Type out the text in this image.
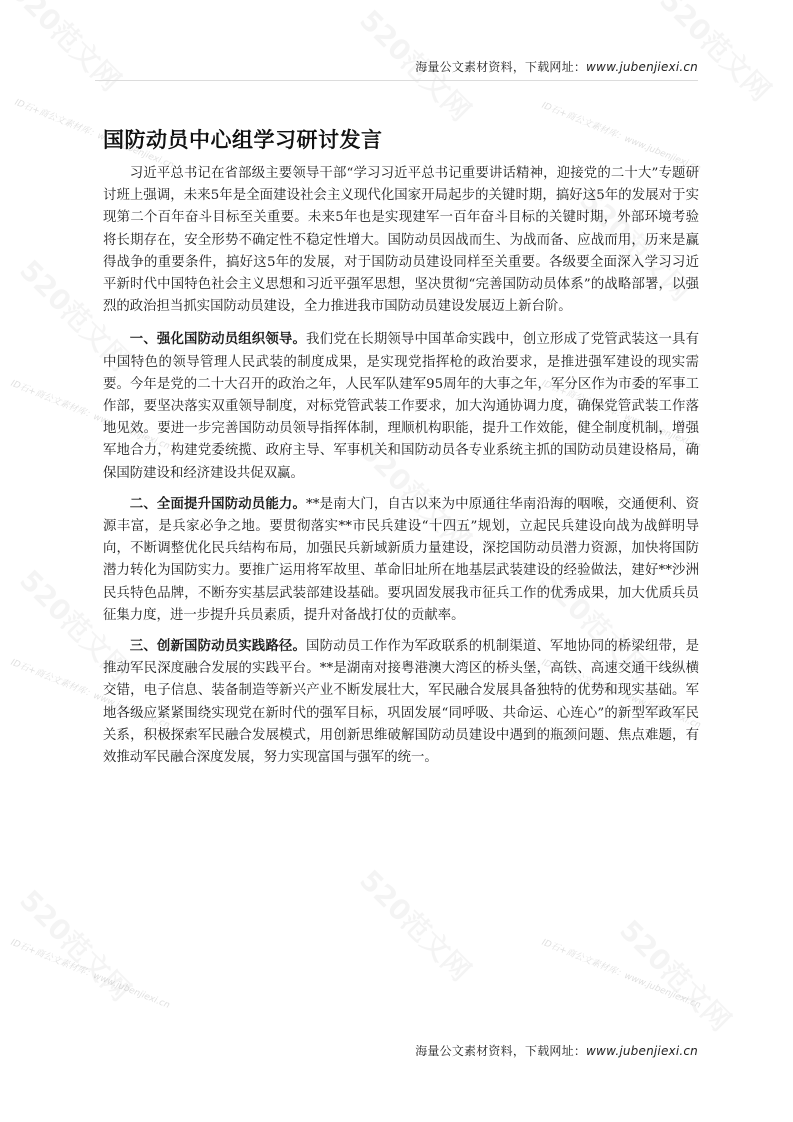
ID石+商公文素材库：www.jubenjiexi.cn	ID石+商公文素材库：www.jubenjiexi.cn
ID石+商公文素材库：www.jubenjiexi.cn	ID石+商公文素材库：www.jubenjiexi.cn
ID石+商公文素材库：www.jubenjiexi.cn	ID石+商公文素材库：www.jubenjiexi.cn
ID石+商公文素材库：www.jubenjiexi.cn	ID石+商公文素材库：www.jubenjiexi.cn
海量公文素材资料，下载网址：www.jubenjiexi.cn
国防动员中心组学习研讨发言

习近平总书记在省部级主要领导干部“学习习近平总书记重要讲话精神，迎接党的二十大”专题研讨班上强调，未来5年是全面建设社会主义现代化国家开局起步的关键时期，搞好这5年的发展对于实现第二个百年奋斗目标至关重要。未来5年也是实现建军一百年奋斗目标的关键时期，外部环境考验将长期存在，安全形势不确定性不稳定性增大。国防动员因战而生、为战而备、应战而用，历来是赢得战争的重要条件，搞好这5年的发展，对于国防动员建设同样至关重要。各级要全面深入学习习近平新时代中国特色社会主义思想和习近平强军思想，坚决贯彻“完善国防动员体系”的战略部署，以强烈的政治担当抓实国防动员建设，全力推进我市国防动员建设发展迈上新台阶。

一、强化国防动员组织领导。我们党在长期领导中国革命实践中，创立形成了党管武装这一具有中国特色的领导管理人民武装的制度成果，是实现党指挥枪的政治要求，是推进强军建设的现实需要。今年是党的二十大召开的政治之年，人民军队建军95周年的大事之年，军分区作为市委的军事工作部，要坚决落实双重领导制度，对标党管武装工作要求，加大沟通协调力度，确保党管武装工作落地见效。要进一步完善国防动员领导指挥体制，理顺机构职能，提升工作效能，健全制度机制，增强军地合力，构建党委统揽、政府主导、军事机关和国防动员各专业系统主抓的国防动员建设格局，确保国防建设和经济建设共促双赢。

二、全面提升国防动员能力。**是南大门，自古以来为中原通往华南沿海的咽喉，交通便利、资源丰富，是兵家必争之地。要贯彻落实**市民兵建设“十四五”规划，立起民兵建设向战为战鲜明导向，不断调整优化民兵结构布局，加强民兵新域新质力量建设，深挖国防动员潜力资源，加快将国防潜力转化为国防实力。要推广运用将军故里、革命旧址所在地基层武装建设的经验做法，建好**沙洲民兵特色品牌，不断夯实基层武装部建设基础。要巩固发展我市征兵工作的优秀成果，加大优质兵员征集力度，进一步提升兵员素质，提升对备战打仗的贡献率。

三、创新国防动员实践路径。国防动员工作作为军政联系的机制渠道、军地协同的桥梁纽带，是推动军民深度融合发展的实践平台。**是湖南对接粤港澳大湾区的桥头堡，高铁、高速交通干线纵横交错，电子信息、装备制造等新兴产业不断发展壮大，军民融合发展具备独特的优势和现实基础。军地各级应紧紧围绕实现党在新时代的强军目标，巩固发展“同呼吸、共命运、心连心”的新型军政军民关系，积极探索军民融合发展模式，用创新思维破解国防动员建设中遇到的瓶颈问题、焦点难题，有效推动军民融合深度发展，努力实现富国与强军的统一。

海量公文素材资料，下载网址：www.jubenjiexi.cn
